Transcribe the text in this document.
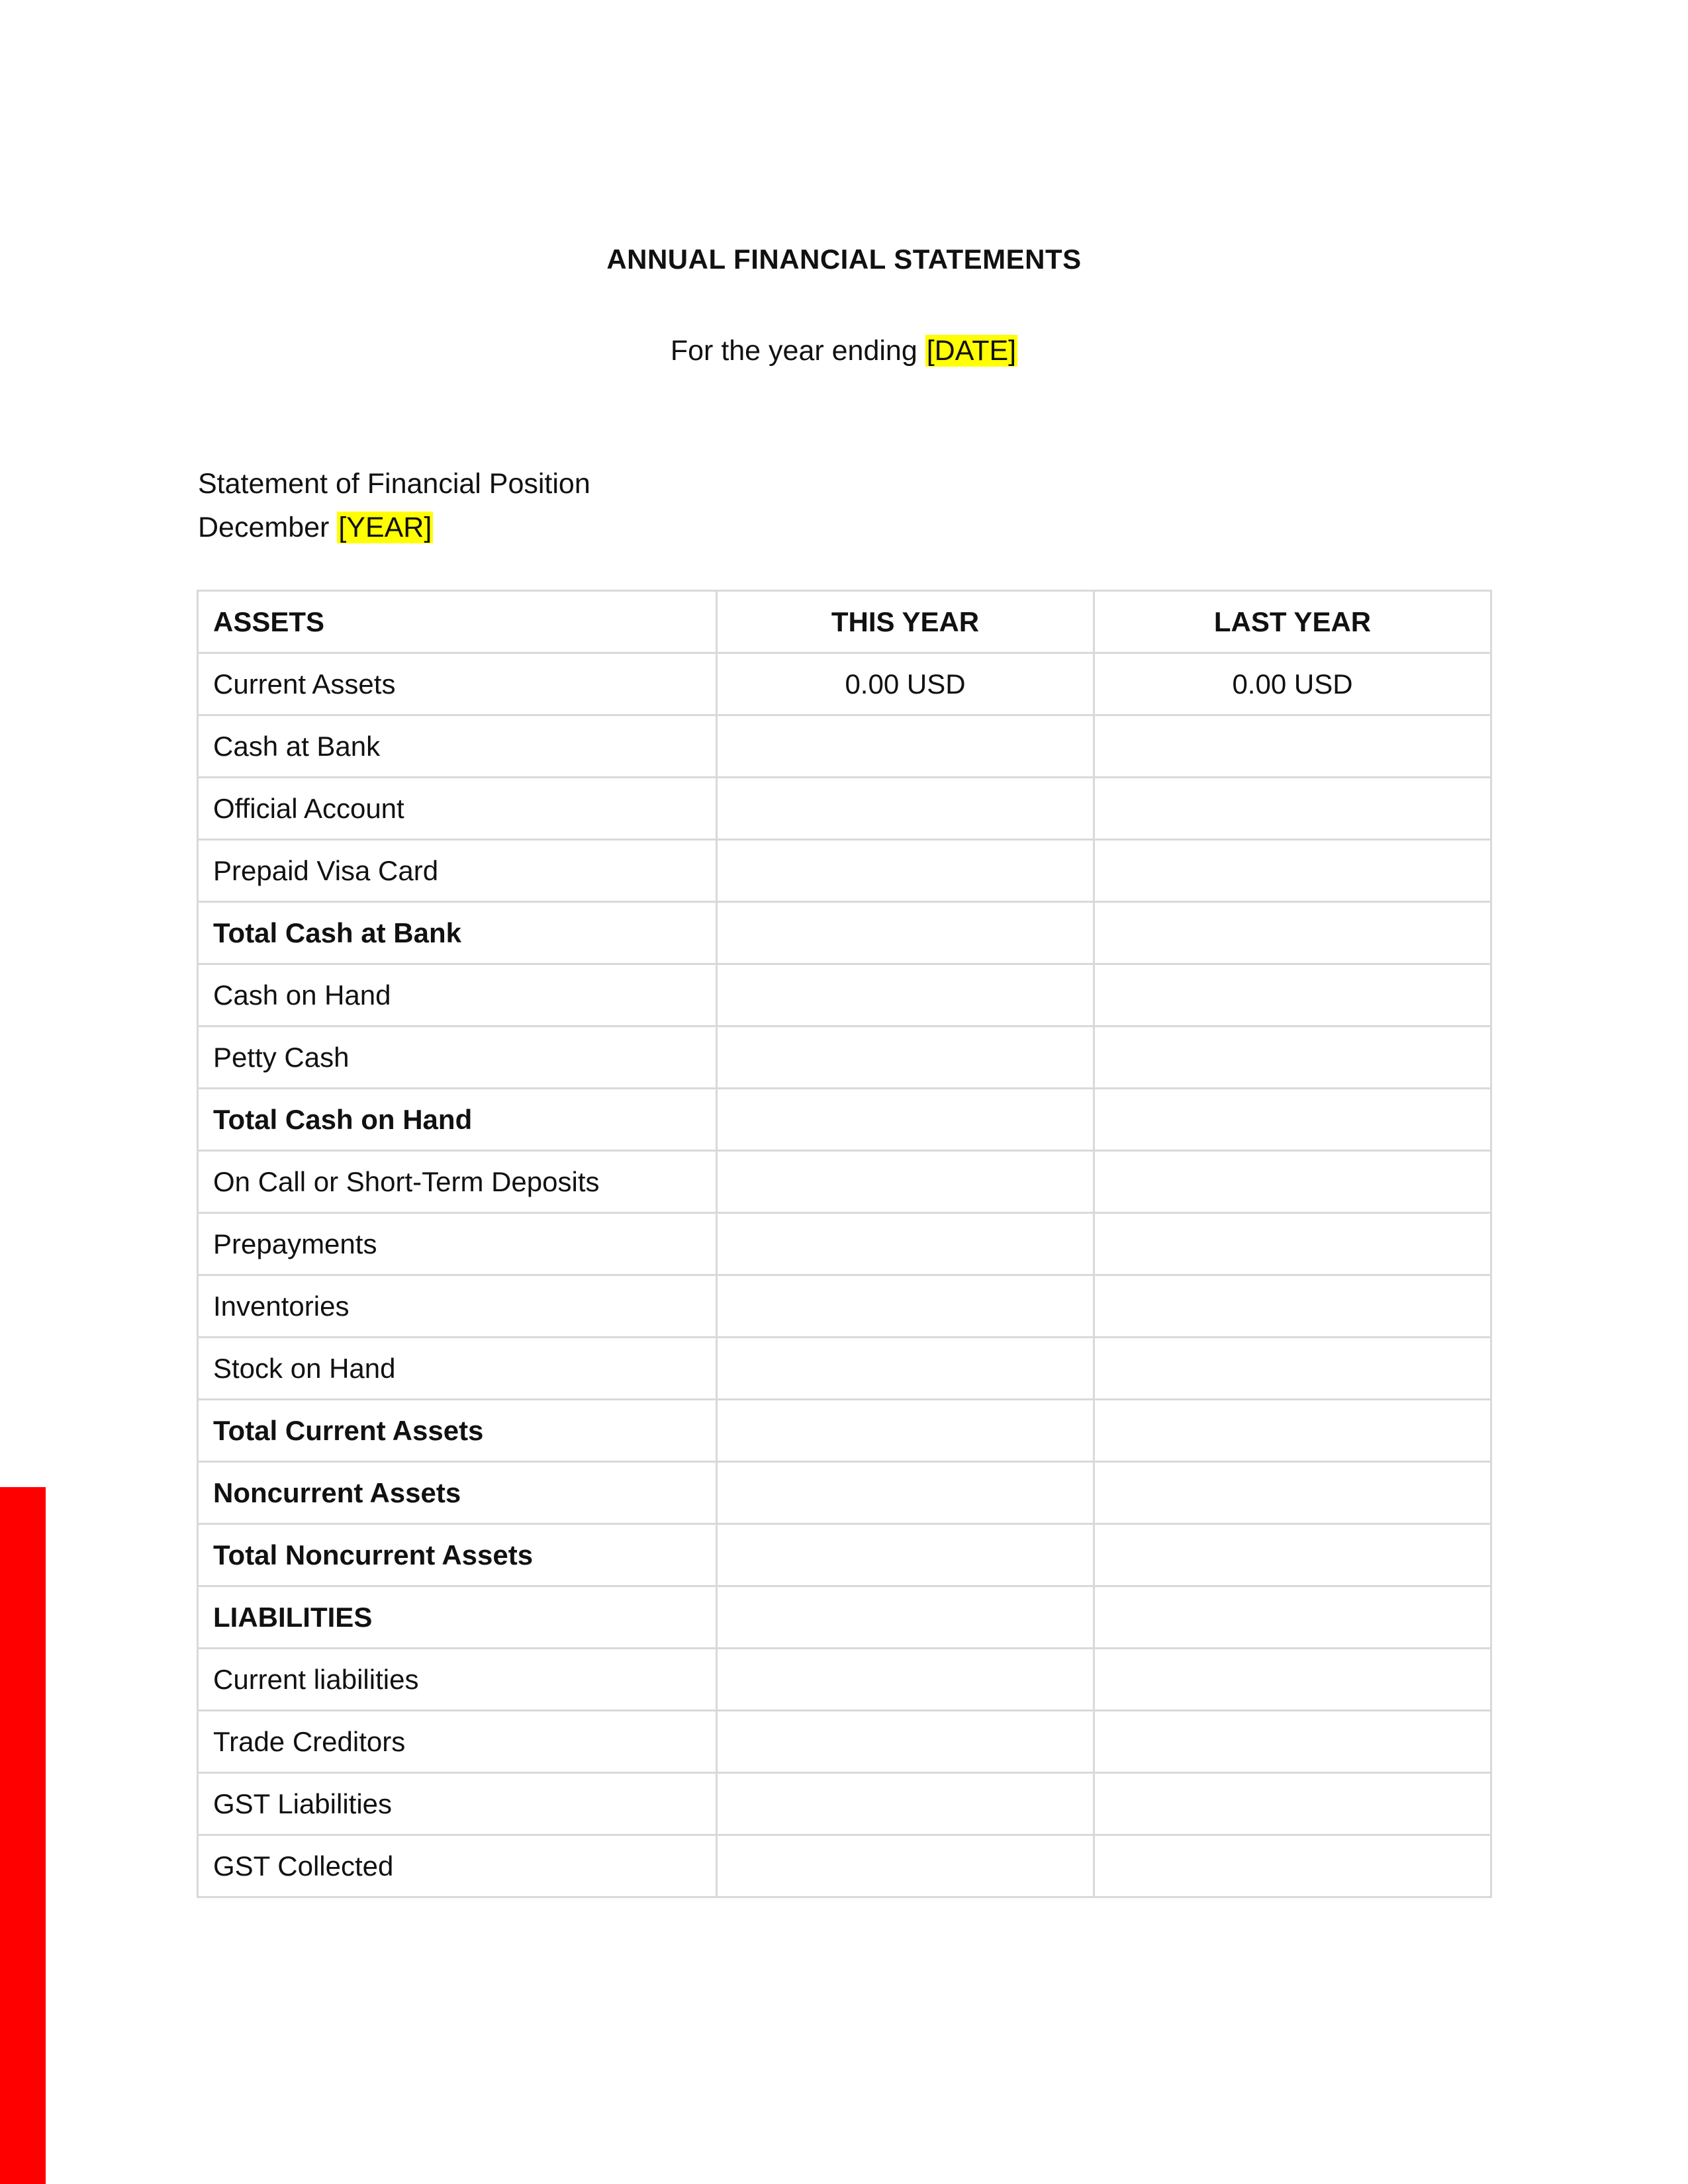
ANNUAL FINANCIAL STATEMENTS

For the year ending [DATE]

Statement of Financial Position
December [YEAR]
ASSETS	THIS YEAR	LAST YEAR
Current Assets	0.00 USD	0.00 USD
Cash at Bank		
Official Account		
Prepaid Visa Card		
Total Cash at Bank		
Cash on Hand		
Petty Cash		
Total Cash on Hand		
On Call or Short-Term Deposits		
Prepayments		
Inventories		
Stock on Hand		
Total Current Assets		
Noncurrent Assets		
Total Noncurrent Assets		
LIABILITIES		
Current liabilities		
Trade Creditors		
GST Liabilities		
GST Collected		
